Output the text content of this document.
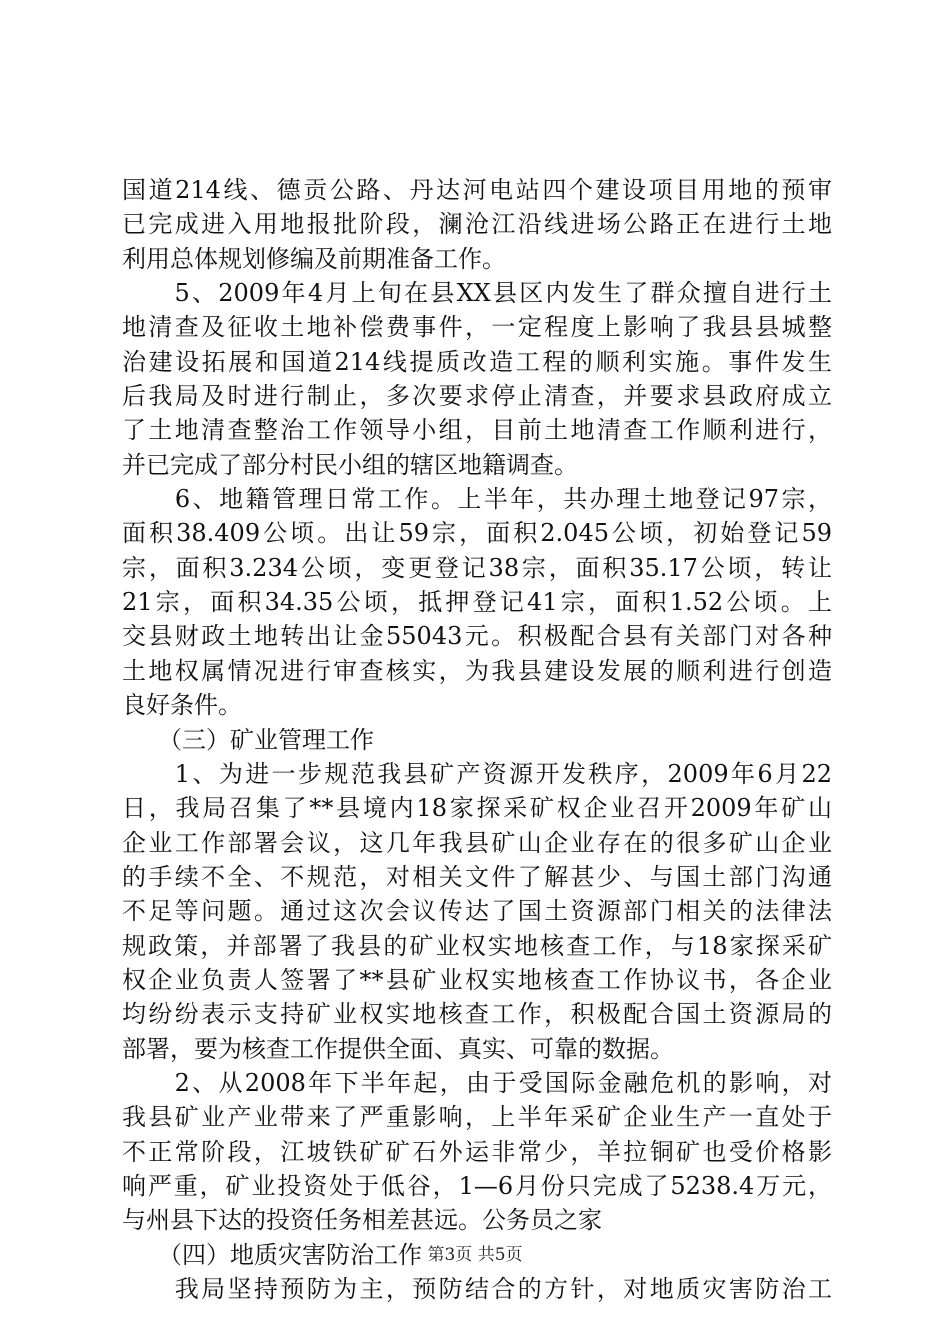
国道214线、德贡公路、丹达河电站四个建设项目用地的预审
已完成进入用地报批阶段，澜沧江沿线进场公路正在进行土地
利用总体规划修编及前期准备工作。
　　5、2009年4月上旬在县XX县区内发生了群众擅自进行土
地清查及征收土地补偿费事件，一定程度上影响了我县县城整
治建设拓展和国道214线提质改造工程的顺利实施。事件发生
后我局及时进行制止，多次要求停止清查，并要求县政府成立
了土地清查整治工作领导小组，目前土地清查工作顺利进行，
并已完成了部分村民小组的辖区地籍调查。
　　6、地籍管理日常工作。上半年，共办理土地登记97宗，
面积38.409公顷。出让59宗，面积2.045公顷，初始登记59
宗，面积3.234公顷，变更登记38宗，面积35.17公顷，转让
21宗，面积34.35公顷，抵押登记41宗，面积1.52公顷。上
交县财政土地转出让金55043元。积极配合县有关部门对各种
土地权属情况进行审查核实，为我县建设发展的顺利进行创造
良好条件。
　　（三）矿业管理工作
　　1、为进一步规范我县矿产资源开发秩序，2009年6月22
日，我局召集了**县境内18家探采矿权企业召开2009年矿山
企业工作部署会议，这几年我县矿山企业存在的很多矿山企业
的手续不全、不规范，对相关文件了解甚少、与国土部门沟通
不足等问题。通过这次会议传达了国土资源部门相关的法律法
规政策，并部署了我县的矿业权实地核查工作，与18家探采矿
权企业负责人签署了**县矿业权实地核查工作协议书，各企业
均纷纷表示支持矿业权实地核查工作，积极配合国土资源局的
部署，要为核查工作提供全面、真实、可靠的数据。
　　2、从2008年下半年起，由于受国际金融危机的影响，对
我县矿业产业带来了严重影响，上半年采矿企业生产一直处于
不正常阶段，江坡铁矿矿石外运非常少，羊拉铜矿也受价格影
响严重，矿业投资处于低谷，1—6月份只完成了5238.4万元，
与州县下达的投资任务相差甚远。公务员之家
　　（四）地质灾害防治工作
　　我局坚持预防为主，预防结合的方针，对地质灾害防治工
第3页 共5页
